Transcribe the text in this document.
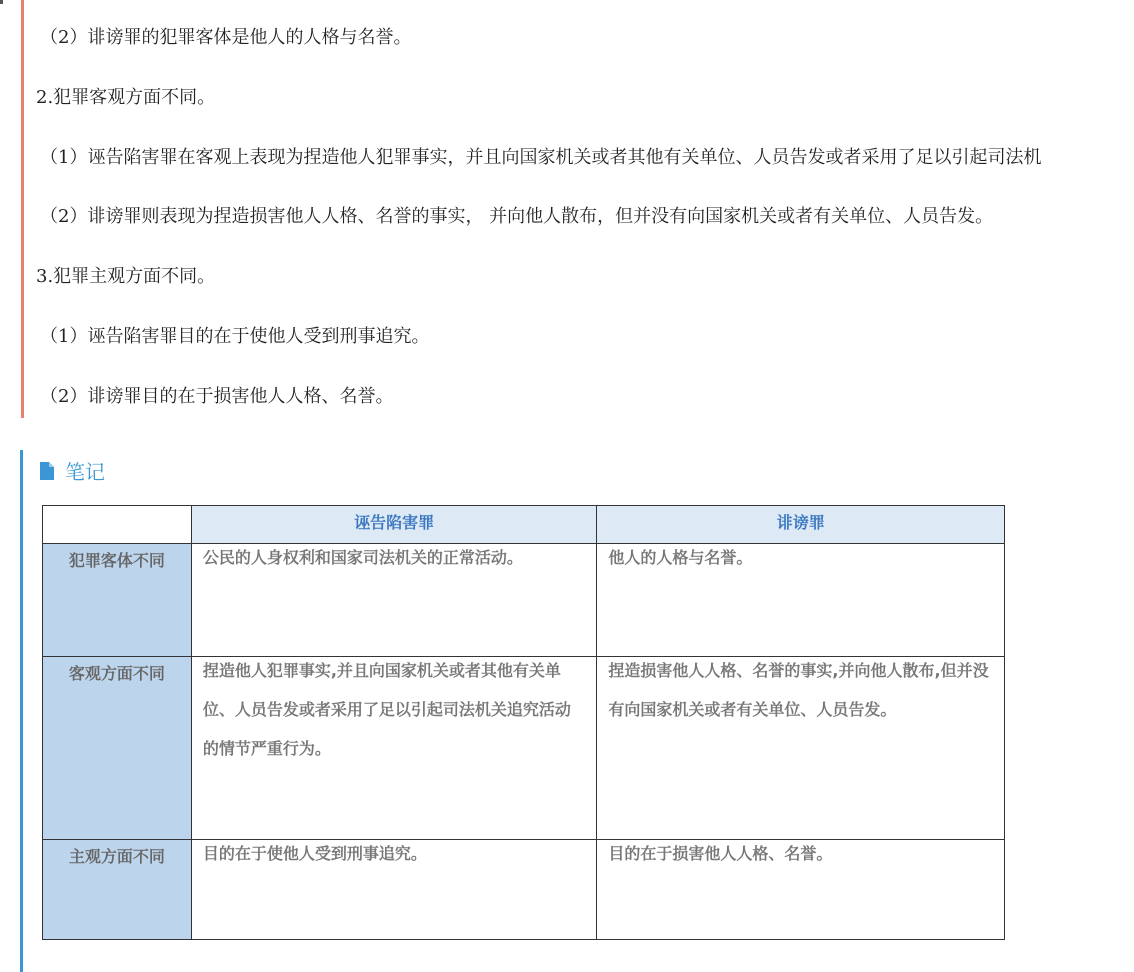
（2）诽谤罪的犯罪客体是他人的人格与名誉。
2.犯罪客观方面不同。
（1）诬告陷害罪在客观上表现为捏造他人犯罪事实，并且向国家机关或者其他有关单位、人员告发或者采用了足以引起司法机
（2）诽谤罪则表现为捏造损害他人人格、名誉的事实， 并向他人散布，但并没有向国家机关或者有关单位、人员告发。
3.犯罪主观方面不同。
（1）诬告陷害罪目的在于使他人受到刑事追究。
（2）诽谤罪目的在于损害他人人格、名誉。
笔记
	诬告陷害罪	诽谤罪
犯罪客体不同	公民的人身权利和国家司法机关的正常活动。	他人的人格与名誉。

客观方面不同	捏造他人犯罪事实,并且向国家机关或者其他有关单位、人员告发或者采用了足以引起司法机关追究活动的情节严重行为。	捏造损害他人人格、名誉的事实,并向他人散布,但并没有向国家机关或者有关单位、人员告发。

主观方面不同	目的在于使他人受到刑事追究。	目的在于损害他人人格、名誉。
